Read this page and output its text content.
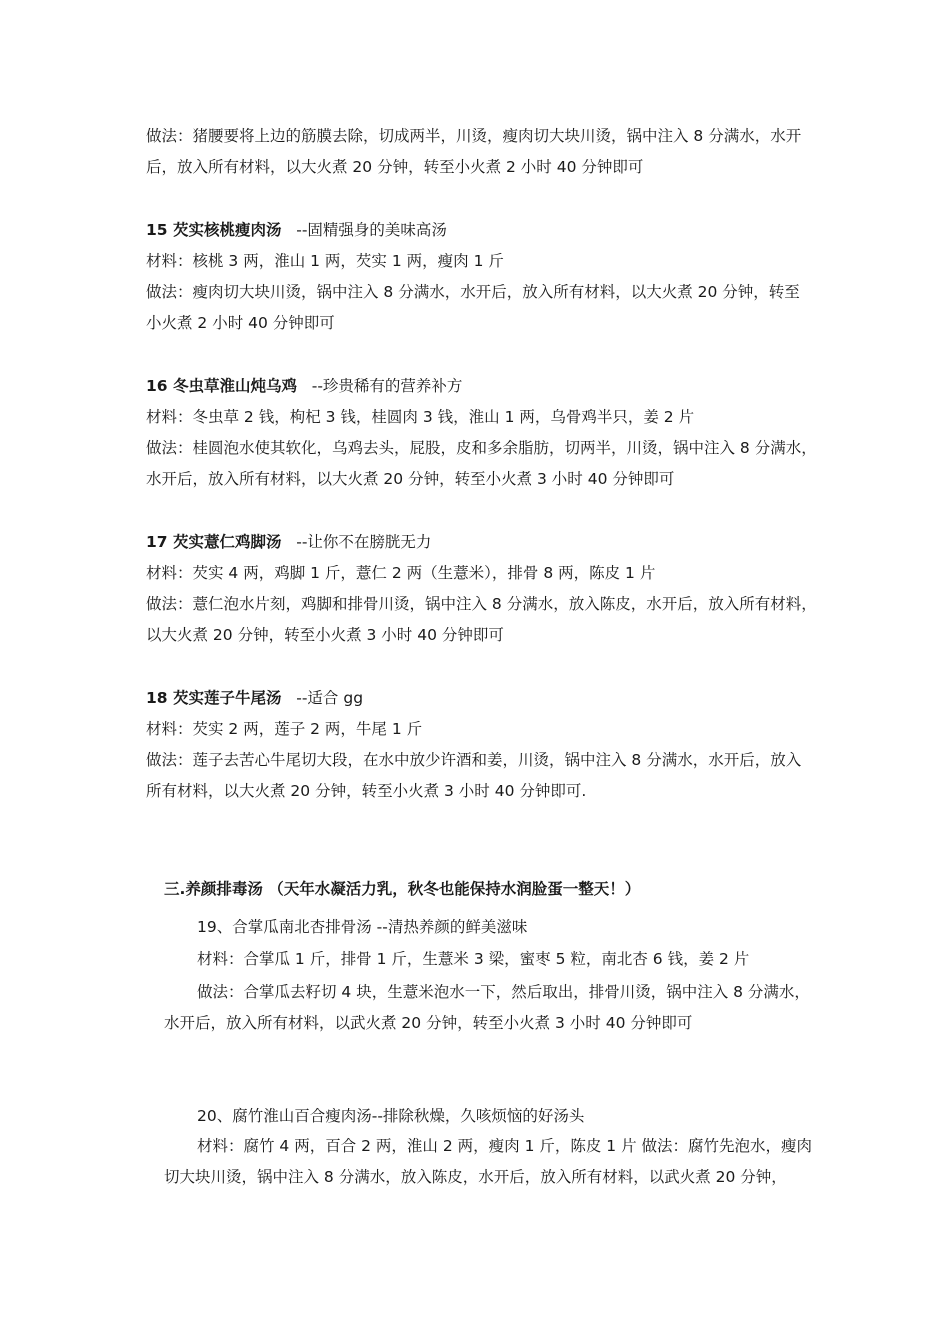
做法：猪腰要将上边的筋膜去除，切成两半，川烫，瘦肉切大块川烫，锅中注入 8 分满水，水开
后，放入所有材料，以大火煮 20 分钟，转至小火煮 2 小时 40 分钟即可
15 芡实核桃瘦肉汤 --固精强身的美味高汤
材料：核桃 3 两，淮山 1 两，芡实 1 两，瘦肉 1 斤
做法：瘦肉切大块川烫，锅中注入 8 分满水，水开后，放入所有材料，以大火煮 20 分钟，转至
小火煮 2 小时 40 分钟即可
16 冬虫草淮山炖乌鸡 --珍贵稀有的营养补方
材料：冬虫草 2 钱，枸杞 3 钱，桂圆肉 3 钱，淮山 1 两，乌骨鸡半只，姜 2 片
做法：桂圆泡水使其软化，乌鸡去头，屁股，皮和多余脂肪，切两半，川烫，锅中注入 8 分满水，
水开后，放入所有材料，以大火煮 20 分钟，转至小火煮 3 小时 40 分钟即可
17 芡实薏仁鸡脚汤 --让你不在膀胱无力
材料：芡实 4 两，鸡脚 1 斤，薏仁 2 两（生薏米），排骨 8 两，陈皮 1 片
做法：薏仁泡水片刻，鸡脚和排骨川烫，锅中注入 8 分满水，放入陈皮，水开后，放入所有材料，
以大火煮 20 分钟，转至小火煮 3 小时 40 分钟即可
18 芡实莲子牛尾汤 --适合 gg
材料：芡实 2 两，莲子 2 两，牛尾 1 斤
做法：莲子去苦心牛尾切大段，在水中放少许酒和姜，川烫，锅中注入 8 分满水，水开后，放入
所有材料，以大火煮 20 分钟，转至小火煮 3 小时 40 分钟即可.
三.养颜排毒汤 （天年水凝活力乳，秋冬也能保持水润脸蛋一整天！）
19、合掌瓜南北杏排骨汤 --清热养颜的鲜美滋味
材料：合掌瓜 1 斤，排骨 1 斤，生薏米 3 梁，蜜枣 5 粒，南北杏 6 钱，姜 2 片
做法：合掌瓜去籽切 4 块，生薏米泡水一下，然后取出，排骨川烫，锅中注入 8 分满水，
水开后，放入所有材料，以武火煮 20 分钟，转至小火煮 3 小时 40 分钟即可
20、腐竹淮山百合瘦肉汤--排除秋燥，久咳烦恼的好汤头
材料：腐竹 4 两，百合 2 两，淮山 2 两，瘦肉 1 斤，陈皮 1 片 做法：腐竹先泡水，瘦肉
切大块川烫，锅中注入 8 分满水，放入陈皮，水开后，放入所有材料，以武火煮 20 分钟，
